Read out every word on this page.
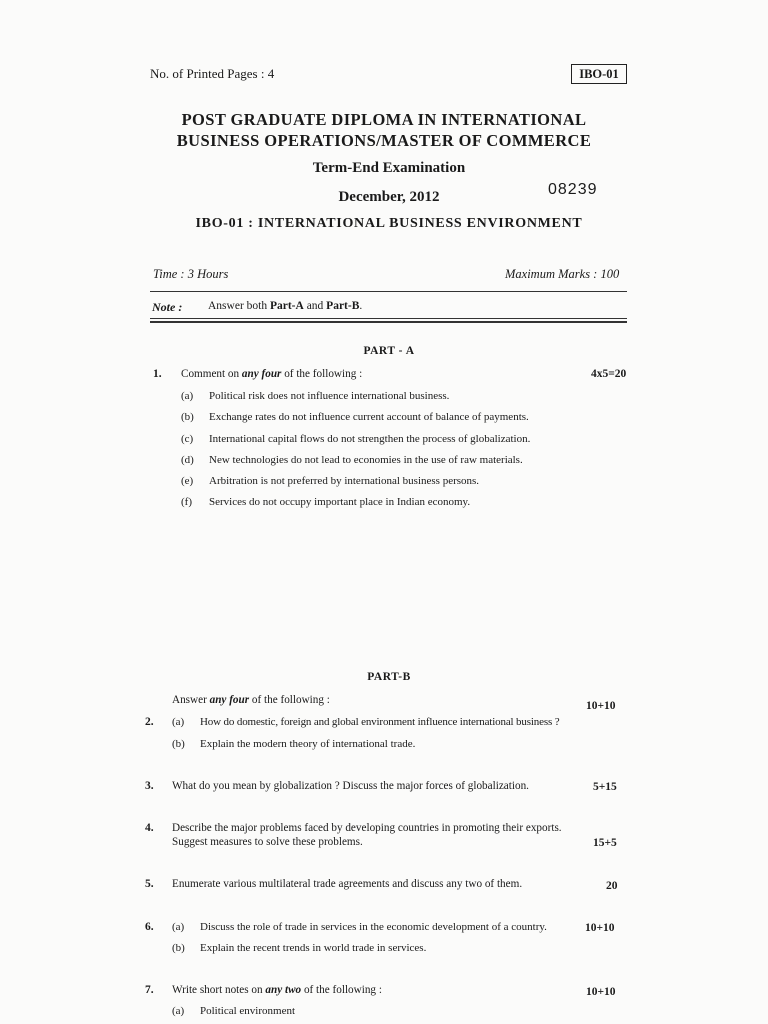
No. of Printed Pages : 4	IBO-01
POST GRADUATE DIPLOMA IN INTERNATIONAL
BUSINESS OPERATIONS/MASTER OF COMMERCE
Term-End Examination
December, 2012	08239
IBO-01 : INTERNATIONAL BUSINESS ENVIRONMENT
Time : 3 Hours	Maximum Marks : 100
Note : Answer both Part-A and Part-B.
PART - A
1. Comment on any four of the following :	4x5=20
(a) Political risk does not influence international business.
(b) Exchange rates do not influence current account of balance of payments.
(c) International capital flows do not strengthen the process of globalization.
(d) New technologies do not lead to economies in the use of raw materials.
(e) Arbitration is not preferred by international business persons.
(f) Services do not occupy important place in Indian economy.
PART-B
Answer any four of the following :	10+10
2. (a) How do domestic, foreign and global environment influence international business ?
(b) Explain the modern theory of international trade.
3. What do you mean by globalization ? Discuss the major forces of globalization.	5+15
4. Describe the major problems faced by developing countries in promoting their exports.
Suggest measures to solve these problems.	15+5
5. Enumerate various multilateral trade agreements and discuss any two of them.	20
6. (a) Discuss the role of trade in services in the economic development of a country.	10+10
(b) Explain the recent trends in world trade in services.
7. Write short notes on any two of the following :	10+10
(a) Political environment
